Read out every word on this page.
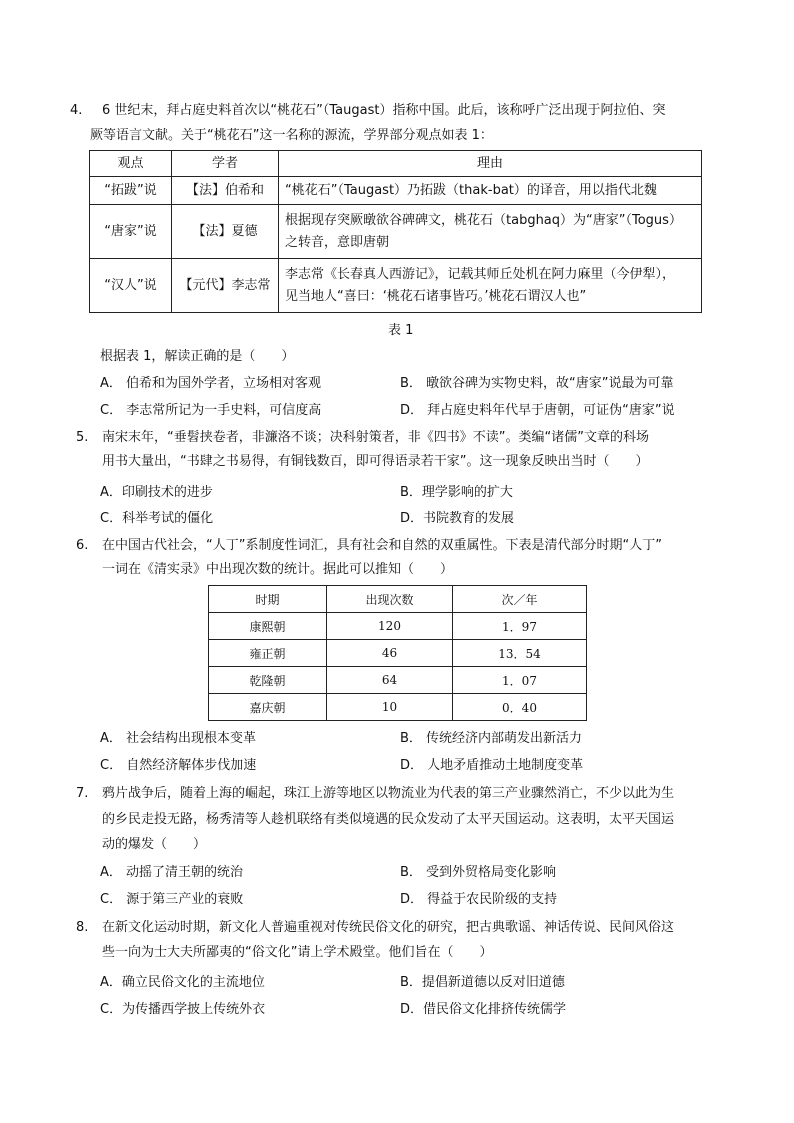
4. 6 世纪末，拜占庭史料首次以“桃花石”（Taugast）指称中国。此后，该称呼广泛出现于阿拉伯、突
厥等语言文献。关于“桃花石”这一名称的源流，学界部分观点如表 1：
观点	学者	理由
“拓跋”说	【法】伯希和	“桃花石”（Taugast）乃拓跋（thak-bat）的译音，用以指代北魏
“唐家”说	【法】夏德	根据现存突厥暾欲谷碑碑文，桃花石（tabghaq）为“唐家”（Togus）
之转音，意即唐朝

“汉人”说	【元代】李志常	李志常《长春真人西游记》，记载其师丘处机在阿力麻里（今伊犁），
见当地人“喜曰：‘桃花石诸事皆巧。’桃花石谓汉人也”
表 1
根据表 1，解读正确的是（　　）
A． 伯希和为国外学者，立场相对客观	B． 暾欲谷碑为实物史料，故“唐家”说最为可靠
C． 李志常所记为一手史料，可信度高	D． 拜占庭史料年代早于唐朝，可证伪“唐家”说
5. 南宋末年，“垂髫挟卷者，非濂洛不谈；决科射策者，非《四书》不读”。类编“诸儒”文章的科场
用书大量出，“书肆之书易得，有铜钱数百，即可得语录若干家”。这一现象反映出当时（　　）
A．印刷技术的进步	B．理学影响的扩大
C．科举考试的僵化	D．书院教育的发展
6. 在中国古代社会，“人丁”系制度性词汇，具有社会和自然的双重属性。下表是清代部分时期“人丁”
一词在《清实录》中出现次数的统计。据此可以推知（　　）
时期	出现次数	次／年
康熙朝	120	1．97
雍正朝	46	13．54
乾隆朝	64	1．07
嘉庆朝	10	0．40
A． 社会结构出现根本变革	B． 传统经济内部萌发出新活力
C． 自然经济解体步伐加速	D． 人地矛盾推动土地制度变革
7. 鸦片战争后，随着上海的崛起，珠江上游等地区以物流业为代表的第三产业骤然消亡，不少以此为生
的乡民走投无路，杨秀清等人趁机联络有类似境遇的民众发动了太平天国运动。这表明，太平天国运
动的爆发（　　）
A． 动摇了清王朝的统治	B． 受到外贸格局变化影响
C． 源于第三产业的衰败	D． 得益于农民阶级的支持
8. 在新文化运动时期，新文化人普遍重视对传统民俗文化的研究，把古典歌谣、神话传说、民间风俗这
些一向为士大夫所鄙夷的“俗文化”请上学术殿堂。他们旨在（　　）
A．确立民俗文化的主流地位	B．提倡新道德以反对旧道德
C．为传播西学披上传统外衣	D．借民俗文化排挤传统儒学
